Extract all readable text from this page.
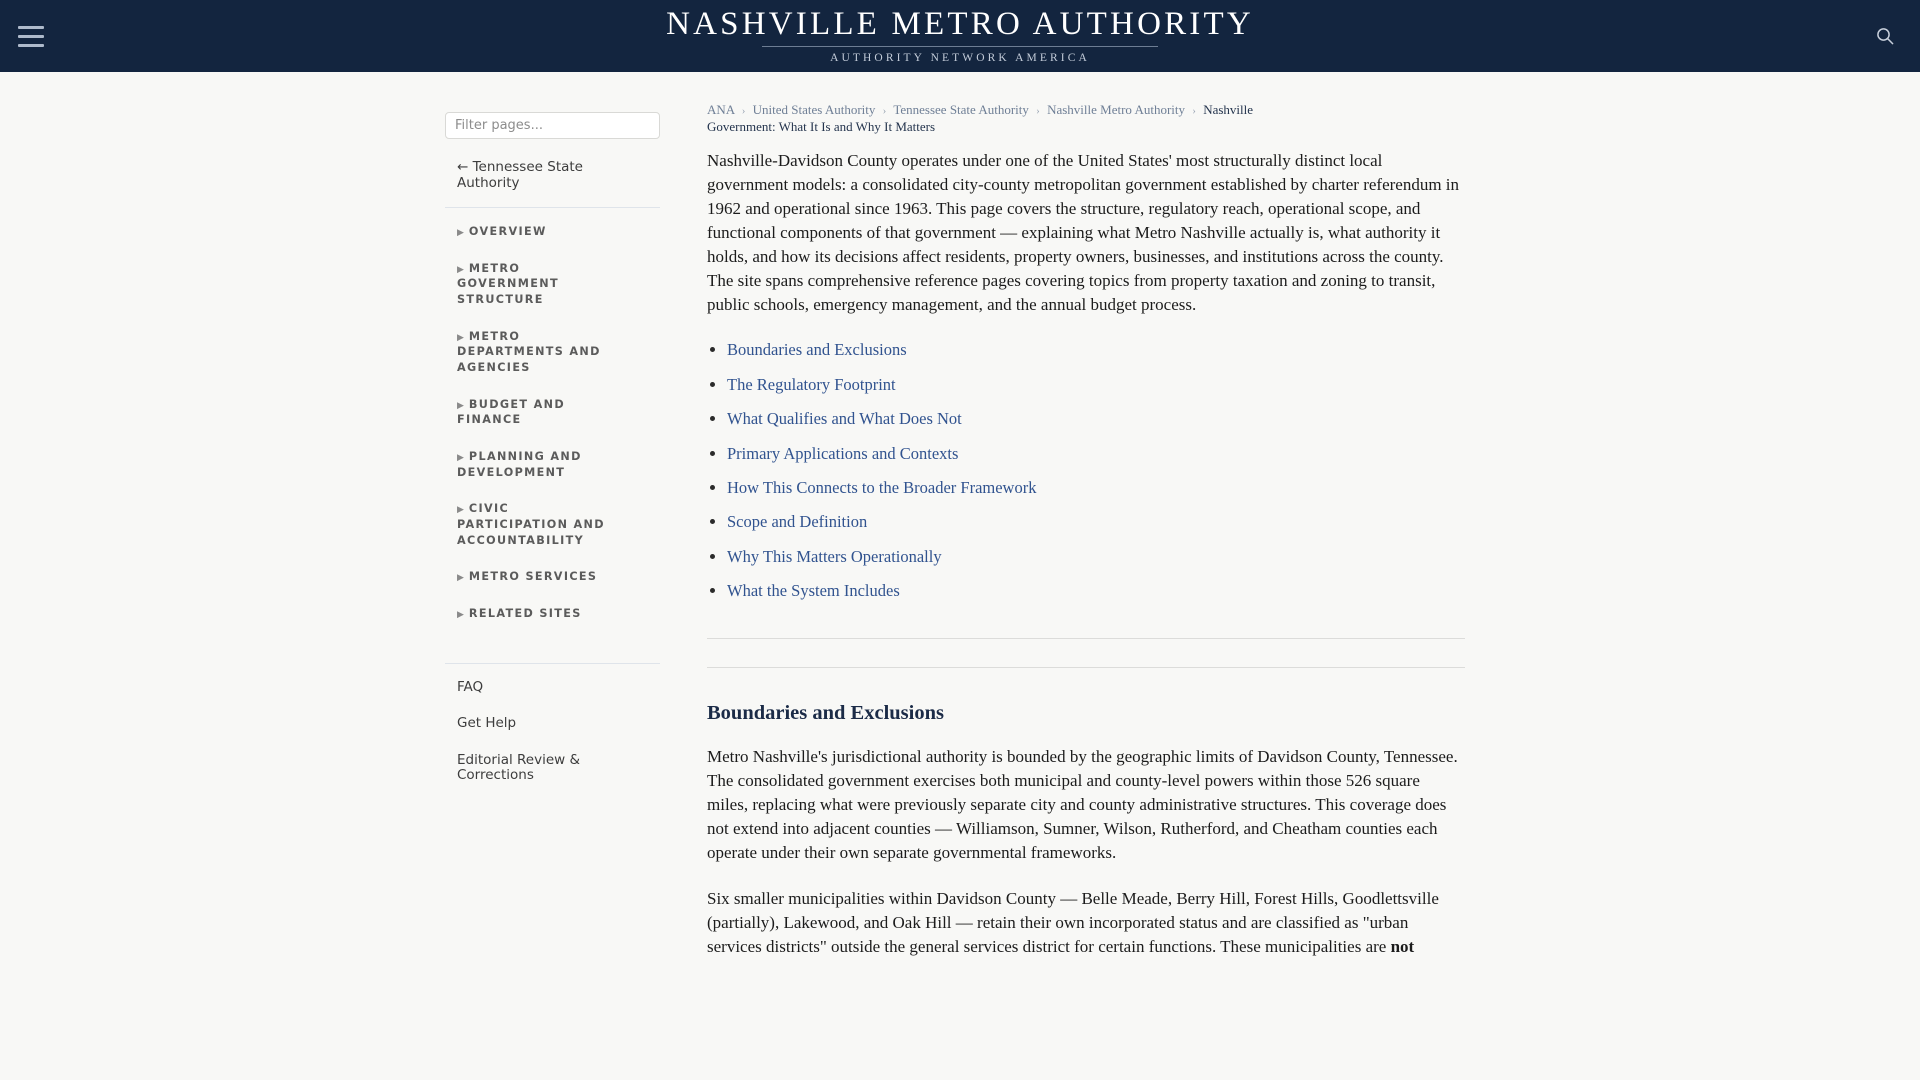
NASHVILLE METRO AUTHORITY
AUTHORITY NETWORK AMERICA
Filter pages...
← Tennessee State Authority
▶ OVERVIEW
▶ METRO GOVERNMENT STRUCTURE
▶ METRO DEPARTMENTS AND AGENCIES
▶ BUDGET AND FINANCE
▶ PLANNING AND DEVELOPMENT
▶ CIVIC PARTICIPATION AND ACCOUNTABILITY
▶ METRO SERVICES
▶ RELATED SITES
FAQ
Get Help
Editorial Review & Corrections
ANA › United States Authority › Tennessee State Authority › Nashville Metro Authority › Nashville Government: What It Is and Why It Matters

Nashville-Davidson County operates under one of the United States' most structurally distinct local government models: a consolidated city-county metropolitan government established by charter referendum in 1962 and operational since 1963. This page covers the structure, regulatory reach, operational scope, and functional components of that government — explaining what Metro Nashville actually is, what authority it holds, and how its decisions affect residents, property owners, businesses, and institutions across the county. The site spans comprehensive reference pages covering topics from property taxation and zoning to transit, public schools, emergency management, and the annual budget process.

• Boundaries and Exclusions
• The Regulatory Footprint
• What Qualifies and What Does Not
• Primary Applications and Contexts
• How This Connects to the Broader Framework
• Scope and Definition
• Why This Matters Operationally
• What the System Includes
Boundaries and Exclusions

Metro Nashville's jurisdictional authority is bounded by the geographic limits of Davidson County, Tennessee. The consolidated government exercises both municipal and county-level powers within those 526 square miles, replacing what were previously separate city and county administrative structures. This coverage does not extend into adjacent counties — Williamson, Sumner, Wilson, Rutherford, and Cheatham counties each operate under their own separate governmental frameworks.

Six smaller municipalities within Davidson County — Belle Meade, Berry Hill, Forest Hills, Goodlettsville (partially), Lakewood, and Oak Hill — retain their own incorporated status and are classified as "urban services districts" outside the general services district for certain functions. These municipalities are not
